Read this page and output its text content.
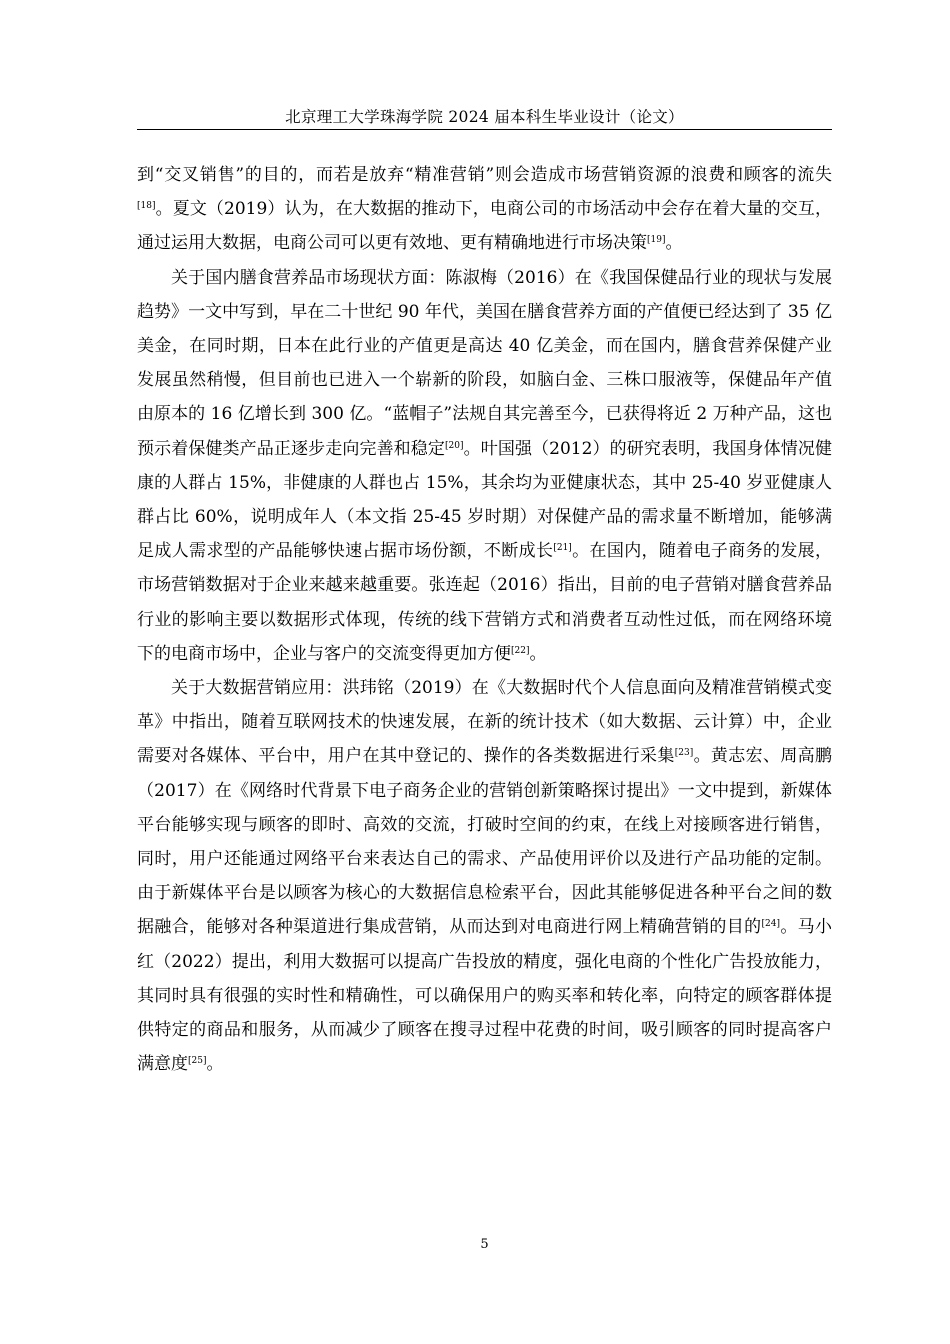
北京理工大学珠海学院 2024 届本科生毕业设计（论文）

到“交叉销售”的目的，而若是放弃“精准营销”则会造成市场营销资源的浪费和顾客的流失[18]。夏文（2019）认为，在大数据的推动下，电商公司的市场活动中会存在着大量的交互，通过运用大数据，电商公司可以更有效地、更有精确地进行市场决策[19]。

关于国内膳食营养品市场现状方面：陈淑梅（2016）在《我国保健品行业的现状与发展趋势》一文中写到，早在二十世纪 90 年代，美国在膳食营养方面的产值便已经达到了 35 亿美金，在同时期，日本在此行业的产值更是高达 40 亿美金，而在国内，膳食营养保健产业发展虽然稍慢，但目前也已进入一个崭新的阶段，如脑白金、三株口服液等，保健品年产值由原本的 16 亿增长到 300 亿。“蓝帽子”法规自其完善至今，已获得将近 2 万种产品，这也预示着保健类产品正逐步走向完善和稳定[20]。叶国强（2012）的研究表明，我国身体情况健康的人群占 15%，非健康的人群也占 15%，其余均为亚健康状态，其中 25-40 岁亚健康人群占比 60%，说明成年人（本文指 25-45 岁时期）对保健产品的需求量不断增加，能够满足成人需求型的产品能够快速占据市场份额，不断成长[21]。在国内，随着电子商务的发展，市场营销数据对于企业来越来越重要。张连起（2016）指出，目前的电子营销对膳食营养品行业的影响主要以数据形式体现，传统的线下营销方式和消费者互动性过低，而在网络环境下的电商市场中，企业与客户的交流变得更加方便[22]。

关于大数据营销应用：洪玮铭（2019）在《大数据时代个人信息面向及精准营销模式变革》中指出，随着互联网技术的快速发展，在新的统计技术（如大数据、云计算）中，企业需要对各媒体、平台中，用户在其中登记的、操作的各类数据进行采集[23]。黄志宏、周高鹏（2017）在《网络时代背景下电子商务企业的营销创新策略探讨提出》一文中提到，新媒体平台能够实现与顾客的即时、高效的交流，打破时空间的约束，在线上对接顾客进行销售，同时，用户还能通过网络平台来表达自己的需求、产品使用评价以及进行产品功能的定制。由于新媒体平台是以顾客为核心的大数据信息检索平台，因此其能够促进各种平台之间的数据融合，能够对各种渠道进行集成营销，从而达到对电商进行网上精确营销的目的[24]。马小红（2022）提出，利用大数据可以提高广告投放的精度，强化电商的个性化广告投放能力，其同时具有很强的实时性和精确性，可以确保用户的购买率和转化率，向特定的顾客群体提供特定的商品和服务，从而减少了顾客在搜寻过程中花费的时间，吸引顾客的同时提高客户满意度[25]。

5
